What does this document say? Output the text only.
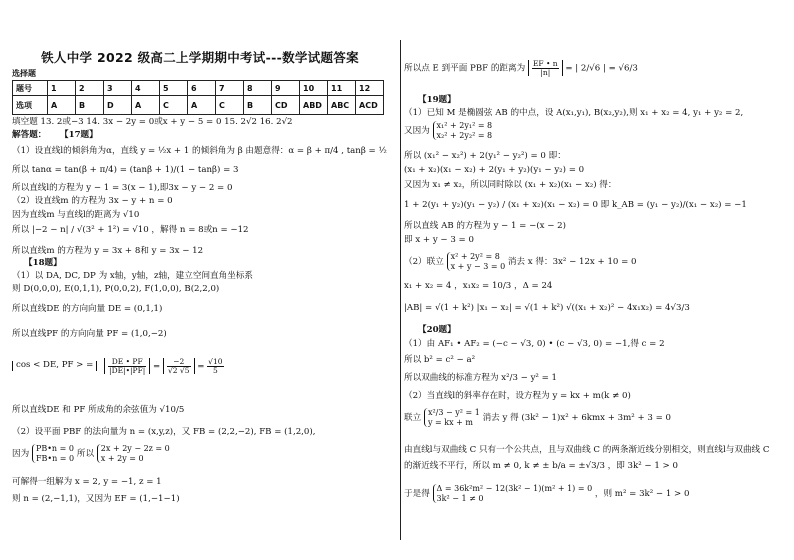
铁人中学 2022 级高二上学期期中考试---数学试题答案
选择题
题号	1	2	3	4	5	6	7	8	9	10	11	12
选项	A	B	D	A	C	A	C	B	CD	ABD	ABC	ACD
填空题 13. 2或−3 14. 3x − 2y = 0或x + y − 5 = 0 15. 2√2 16. 2√2
解答题： 【17题】
（1）设直线l的倾斜角为α，直线 y = ½x + 1 的倾斜角为 β 由题意得：α = β + π/4 , tanβ = ½
所以 tanα = tan(β + π/4) = (tanβ + 1)/(1 − tanβ) = 3
所以直线l的方程为 y − 1 = 3(x − 1),即3x − y − 2 = 0
（2）设直线m 的方程为 3x − y + n = 0
因为直线m 与直线l的距离为 √10
所以 |−2 − n| / √(3² + 1²) = √10 ，解得 n = 8或n = −12
所以直线m 的方程为 y = 3x + 8和 y = 3x − 12
【18题】
（1）以 DA, DC, DP 为 x轴，y轴，z轴，建立空间直角坐标系
则 D(0,0,0), E(0,1,1), P(0,0,2), F(1,0,0), B(2,2,0)
所以直线DE 的方向向量 DE = (0,1,1)
所以直线PF 的方向向量 PF = (1,0,−2)
cos < DE, PF > = $\frac{DE • PF}{|DE|•|PF|} = \frac{-2}{√2 √5} = \frac{√10}{5}$
所以直线DE 和 PF 所成角的余弦值为 √10/5
（2）设平面 PBF 的法向量为 n = (x,y,z)，又 FB = (2,2,−2), FB = (1,2,0),
因为 PB•n = 0
FB•n = 0 所以 2x + 2y − 2z = 0
x + 2y = 0
可解得一组解为 x = 2, y = −1, z = 1
则 n = (2,−1,1)，又因为 EF = (1,−1−1)
所以点 E 到平面 PBF 的距离为 $\frac{EF • n}{|n|}$ = | 2/√6 | = √6/3
【19题】
（1）已知 M 是椭圆弦 AB 的中点，设 A(x₁,y₁), B(x₂,y₂),则 x₁ + x₂ = 4, y₁ + y₂ = 2,
又因为 x₁² + 2y₁² = 8
x₂² + 2y₂² = 8
所以 (x₁² − x₂²) + 2(y₁² − y₂²) = 0 即：
(x₁ + x₂)(x₁ − x₂) + 2(y₁ + y₂)(y₁ − y₂) = 0
又因为 x₁ ≠ x₂，所以同时除以 (x₁ + x₂)(x₁ − x₂) 得：
1 + 2(y₁ + y₂)(y₁ − y₂) / (x₁ + x₂)(x₁ − x₂) = 0 即 k_AB = (y₁ − y₂)/(x₁ − x₂) = −1
所以直线 AB 的方程为 y − 1 = −(x − 2)
即 x + y − 3 = 0
（2）联立 x² + 2y² = 8
x + y − 3 = 0 消去 x 得：3x² − 12x + 10 = 0
x₁ + x₂ = 4 ，x₁x₂ = 10/3 ，Δ = 24
|AB| = √(1 + k²) |x₁ − x₂| = √(1 + k²) √((x₁ + x₂)² − 4x₁x₂) = 4√3/3
【20题】
（1）由 AF₁ • AF₂ = (−c − √3, 0) • (c − √3, 0) = −1,得 c = 2
所以 b² = c² − a²
所以双曲线的标准方程为 x²/3 − y² = 1
（2）当直线l的斜率存在时，设方程为 y = kx + m(k ≠ 0)
联立 x²/3 − y² = 1
y = kx + m 消去 y 得 (3k² − 1)x² + 6kmx + 3m² + 3 = 0
由直线l与双曲线 C 只有一个公共点，且与双曲线 C 的两条渐近线分别相交，则直线l与双曲线 C
的渐近线不平行，所以 m ≠ 0, k ≠ ± b/a = ±√3/3 ，即 3k² − 1 > 0
于是得 Δ = 36k²m² − 12(3k² − 1)(m² + 1) = 0
3k² − 1 ≠ 0	，则 m² = 3k² − 1 > 0
